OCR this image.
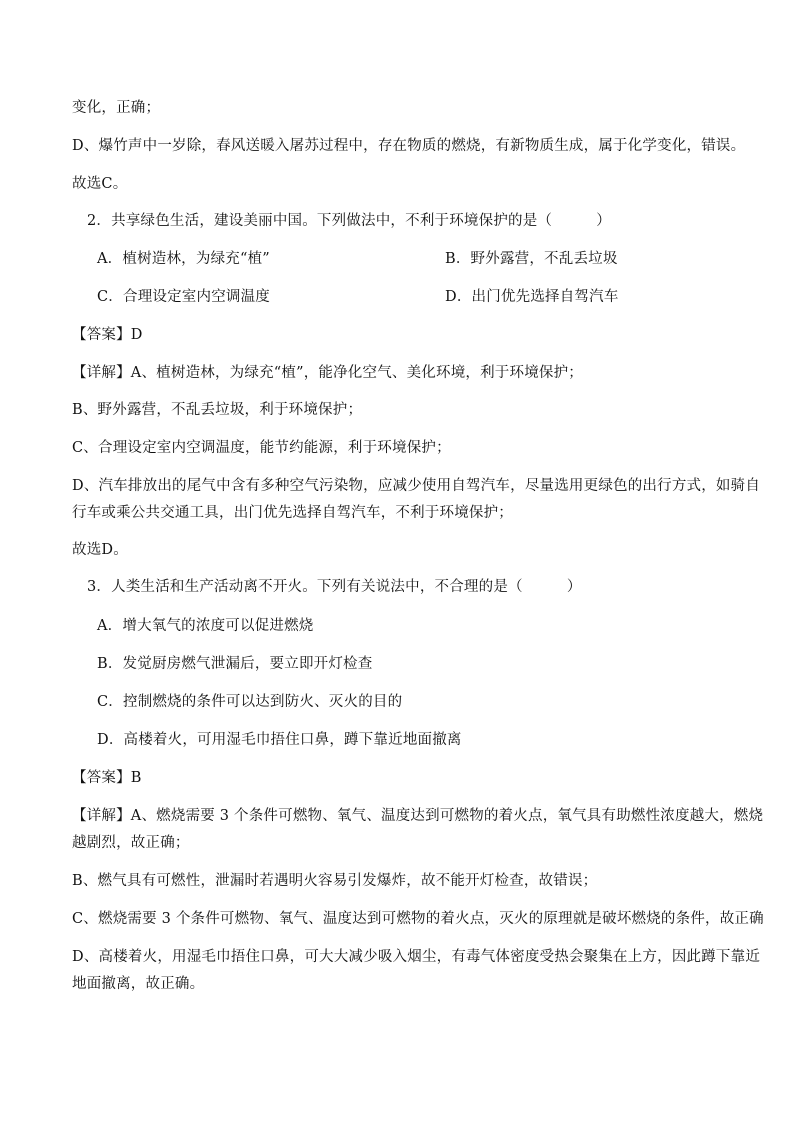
变化，正确；
D、爆竹声中一岁除，春风送暖入屠苏过程中，存在物质的燃烧，有新物质生成，属于化学变化，错误。
故选C。
2．共享绿色生活，建设美丽中国。下列做法中，不利于环境保护的是（　　　）
A．植树造林，为绿充“植”	B．野外露营，不乱丢垃圾
C．合理设定室内空调温度	D．出门优先选择自驾汽车
【答案】D
【详解】A、植树造林，为绿充“植”，能净化空气、美化环境，利于环境保护；
B、野外露营，不乱丢垃圾，利于环境保护；
C、合理设定室内空调温度，能节约能源，利于环境保护；
D、汽车排放出的尾气中含有多种空气污染物，应减少使用自驾汽车，尽量选用更绿色的出行方式，如骑自
行车或乘公共交通工具，出门优先选择自驾汽车，不利于环境保护；
故选D。
3．人类生活和生产活动离不开火。下列有关说法中，不合理的是（　　　）
A．增大氧气的浓度可以促进燃烧
B．发觉厨房燃气泄漏后，要立即开灯检查
C．控制燃烧的条件可以达到防火、灭火的目的
D．高楼着火，可用湿毛巾捂住口鼻，蹲下靠近地面撤离
【答案】B
【详解】A、燃烧需要 3 个条件可燃物、氧气、温度达到可燃物的着火点，氧气具有助燃性浓度越大，燃烧
越剧烈，故正确；
B、燃气具有可燃性，泄漏时若遇明火容易引发爆炸，故不能开灯检查，故错误；
C、燃烧需要 3 个条件可燃物、氧气、温度达到可燃物的着火点，灭火的原理就是破坏燃烧的条件，故正确
D、高楼着火，用湿毛巾捂住口鼻，可大大减少吸入烟尘，有毒气体密度受热会聚集在上方，因此蹲下靠近
地面撤离，故正确。
